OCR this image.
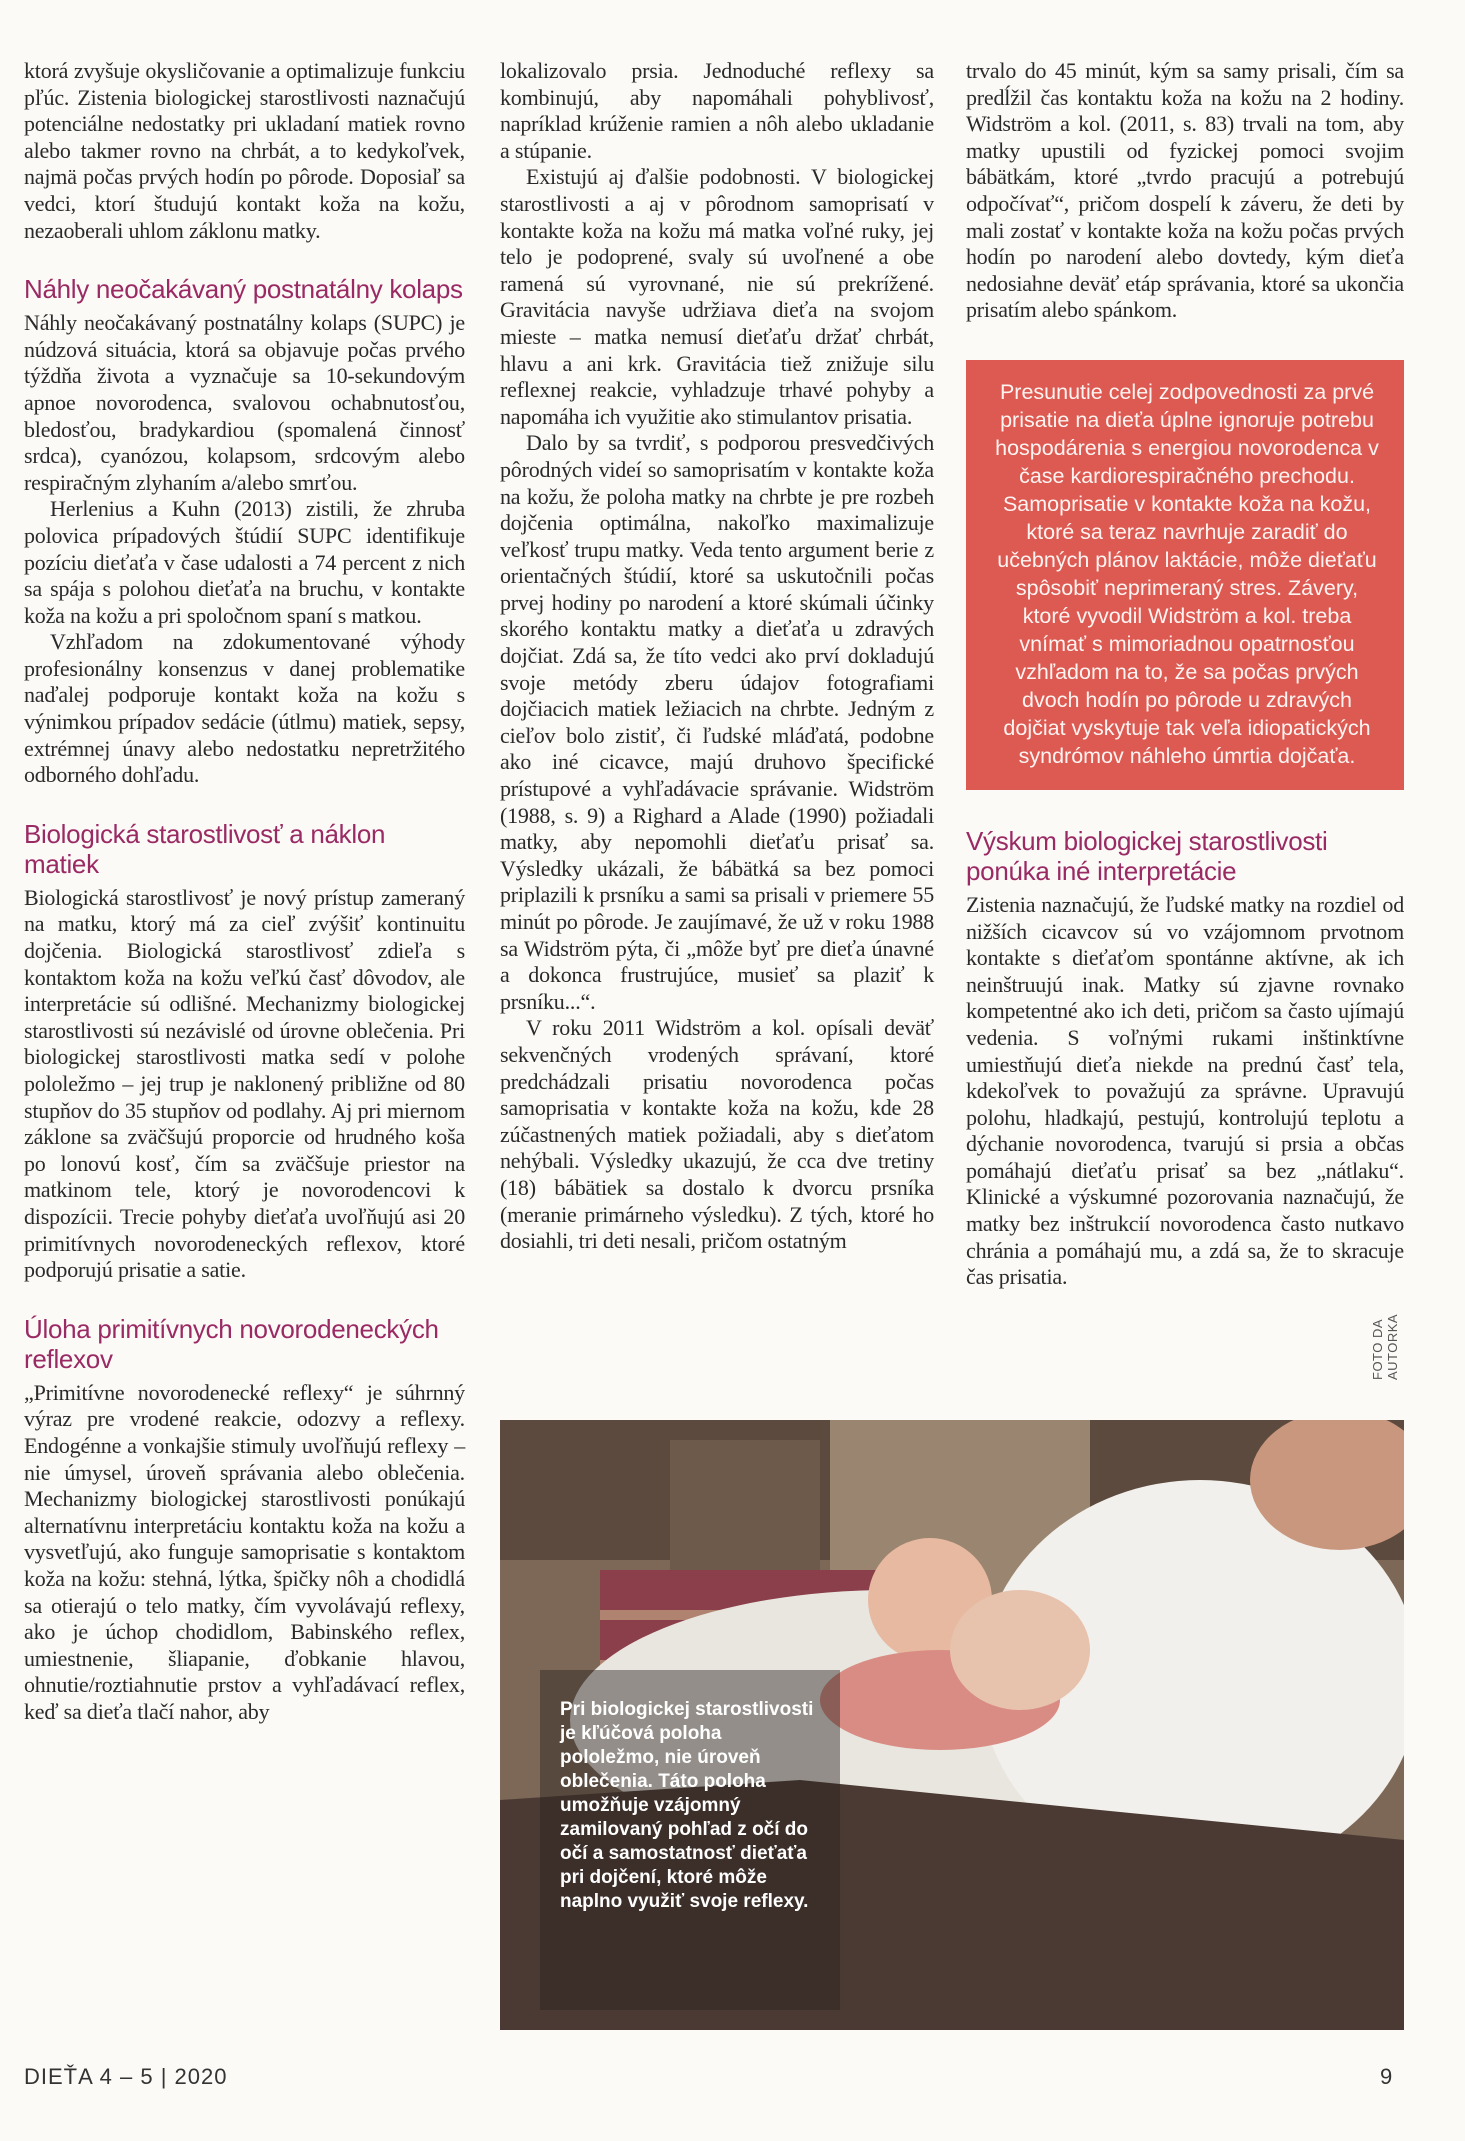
ktorá zvyšuje okysličovanie a optimalizuje funkciu pľúc. Zistenia biologickej starostlivosti naznačujú potenciálne nedostatky pri ukladaní matiek rovno alebo takmer rovno na chrbát, a to kedykoľvek, najmä počas prvých hodín po pôrode. Doposiaľ sa vedci, ktorí študujú kontakt koža na kožu, nezaoberali uhlom záklonu matky.

Náhly neočakávaný postnatálny kolaps

Náhly neočakávaný postnatálny kolaps (SUPC) je núdzová situácia, ktorá sa objavuje počas prvého týždňa života a vyznačuje sa 10-sekundovým apnoe novorodenca, svalovou ochabnutosťou, bledosťou, bradykardiou (spomalená činnosť srdca), cyanózou, kolapsom, srdcovým alebo respiračným zlyhaním a/alebo smrťou.

Herlenius a Kuhn (2013) zistili, že zhruba polovica prípadových štúdií SUPC identifikuje pozíciu dieťaťa v čase udalosti a 74 percent z nich sa spája s polohou dieťaťa na bruchu, v kontakte koža na kožu a pri spoločnom spaní s matkou.

Vzhľadom na zdokumentované výhody profesionálny konsenzus v danej problematike naďalej podporuje kontakt koža na kožu s výnimkou prípadov sedácie (útlmu) matiek, sepsy, extrémnej únavy alebo nedostatku nepretržitého odborného dohľadu.

Biologická starostlivosť a náklon matiek

Biologická starostlivosť je nový prístup zameraný na matku, ktorý má za cieľ zvýšiť kontinuitu dojčenia. Biologická starostlivosť zdieľa s kontaktom koža na kožu veľkú časť dôvodov, ale interpretácie sú odlišné. Mechanizmy biologickej starostlivosti sú nezávislé od úrovne oblečenia. Pri biologickej starostlivosti matka sedí v polohe pololežmo – jej trup je naklonený približne od 80 stupňov do 35 stupňov od podlahy. Aj pri miernom záklone sa zväčšujú proporcie od hrudného koša po lonovú kosť, čím sa zväčšuje priestor na matkinom tele, ktorý je novorodencovi k dispozícii. Trecie pohyby dieťaťa uvoľňujú asi 20 primitívnych novorodeneckých reflexov, ktoré podporujú prisatie a satie.

Úloha primitívnych novorodeneckých reflexov

„Primitívne novorodenecké reflexy“ je súhrnný výraz pre vrodené reakcie, odozvy a reflexy. Endogénne a vonkajšie stimuly uvoľňujú reflexy – nie úmysel, úroveň správania alebo oblečenia. Mechanizmy biologickej starostlivosti ponúkajú alternatívnu interpretáciu kontaktu koža na kožu a vysvetľujú, ako funguje samoprisatie s kontaktom koža na kožu: stehná, lýtka, špičky nôh a chodidlá sa otierajú o telo matky, čím vyvolávajú reflexy, ako je úchop chodidlom, Babinského reflex, umiestnenie, šliapanie, ďobkanie hlavou, ohnutie/roztiahnutie prstov a vyhľadávací reflex, keď sa dieťa tlačí nahor, aby

lokalizovalo prsia. Jednoduché reflexy sa kombinujú, aby napomáhali pohyblivosť, napríklad krúženie ramien a nôh alebo ukladanie a stúpanie.

Existujú aj ďalšie podobnosti. V biologickej starostlivosti a aj v pôrodnom samoprisatí v kontakte koža na kožu má matka voľné ruky, jej telo je podoprené, svaly sú uvoľnené a obe ramená sú vyrovnané, nie sú prekrížené. Gravitácia navyše udržiava dieťa na svojom mieste – matka nemusí dieťaťu držať chrbát, hlavu a ani krk. Gravitácia tiež znižuje silu reflexnej reakcie, vyhladzuje trhavé pohyby a napomáha ich využitie ako stimulantov prisatia.

Dalo by sa tvrdiť, s podporou presvedčivých pôrodných videí so samoprisatím v kontakte koža na kožu, že poloha matky na chrbte je pre rozbeh dojčenia optimálna, nakoľko maximalizuje veľkosť trupu matky. Veda tento argument berie z orientačných štúdií, ktoré sa uskutočnili počas prvej hodiny po narodení a ktoré skúmali účinky skorého kontaktu matky a dieťaťa u zdravých dojčiat. Zdá sa, že títo vedci ako prví dokladujú svoje metódy zberu údajov fotografiami dojčiacich matiek ležiacich na chrbte. Jedným z cieľov bolo zistiť, či ľudské mláďatá, podobne ako iné cicavce, majú druhovo špecifické prístupové a vyhľadávacie správanie. Widström (1988, s. 9) a Righard a Alade (1990) požiadali matky, aby nepomohli dieťaťu prisať sa. Výsledky ukázali, že bábätká sa bez pomoci priplazili k prsníku a sami sa prisali v priemere 55 minút po pôrode. Je zaujímavé, že už v roku 1988 sa Widström pýta, či „môže byť pre dieťa únavné a dokonca frustrujúce, musieť sa plaziť k prsníku...“.

V roku 2011 Widström a kol. opísali deväť sekvenčných vrodených správaní, ktoré predchádzali prisatiu novorodenca počas samoprisatia v kontakte koža na kožu, kde 28 zúčastnených matiek požiadali, aby s dieťatom nehýbali. Výsledky ukazujú, že cca dve tretiny (18) bábätiek sa dostalo k dvorcu prsníka (meranie primárneho výsledku). Z tých, ktoré ho dosiahli, tri deti nesali, pričom ostatným

trvalo do 45 minút, kým sa samy prisali, čím sa predĺžil čas kontaktu koža na kožu na 2 hodiny. Widström a kol. (2011, s. 83) trvali na tom, aby matky upustili od fyzickej pomoci svojim bábätkám, ktoré „tvrdo pracujú a potrebujú odpočívať“, pričom dospelí k záveru, že deti by mali zostať v kontakte koža na kožu počas prvých hodín po narodení alebo dovtedy, kým dieťa nedosiahne deväť etáp správania, ktoré sa ukončia prisatím alebo spánkom.

Presunutie celej zodpovednosti za prvé prisatie na dieťa úplne ignoruje potrebu hospodárenia s energiou novorodenca v čase kardiorespiračného prechodu. Samoprisatie v kontakte koža na kožu, ktoré sa teraz navrhuje zaradiť do učebných plánov laktácie, môže dieťaťu spôsobiť neprimeraný stres. Závery, ktoré vyvodil Widström a kol. treba vnímať s mimoriadnou opatrnosťou vzhľadom na to, že sa počas prvých dvoch hodín po pôrode u zdravých dojčiat vyskytuje tak veľa idiopatických syndrómov náhleho úmrtia dojčaťa.
Výskum biologickej starostlivosti ponúka iné interpretácie

Zistenia naznačujú, že ľudské matky na rozdiel od nižších cicavcov sú vo vzájomnom prvotnom kontakte s dieťaťom spontánne aktívne, ak ich neinštruujú inak. Matky sú zjavne rovnako kompetentné ako ich deti, pričom sa často ujímajú vedenia. S voľnými rukami inštinktívne umiestňujú dieťa niekde na prednú časť tela, kdekoľvek to považujú za správne. Upravujú polohu, hladkajú, pestujú, kontrolujú teplotu a dýchanie novorodenca, tvarujú si prsia a občas pomáhajú dieťaťu prisať sa bez „nátlaku“. Klinické a výskumné pozorovania naznačujú, že matky bez inštrukcií novorodenca často nutkavo chránia a pomáhajú mu, a zdá sa, že to skracuje čas prisatia.

Pri biologickej starostlivosti je kľúčová poloha pololežmo, nie úroveň oblečenia. Táto poloha umožňuje vzájomný zamilovaný pohľad z očí do očí a samostatnosť dieťaťa pri dojčení, ktoré môže naplno využiť svoje reflexy.

FOTO DA AUTORKA
DIEŤA 4 – 5 | 2020	9
